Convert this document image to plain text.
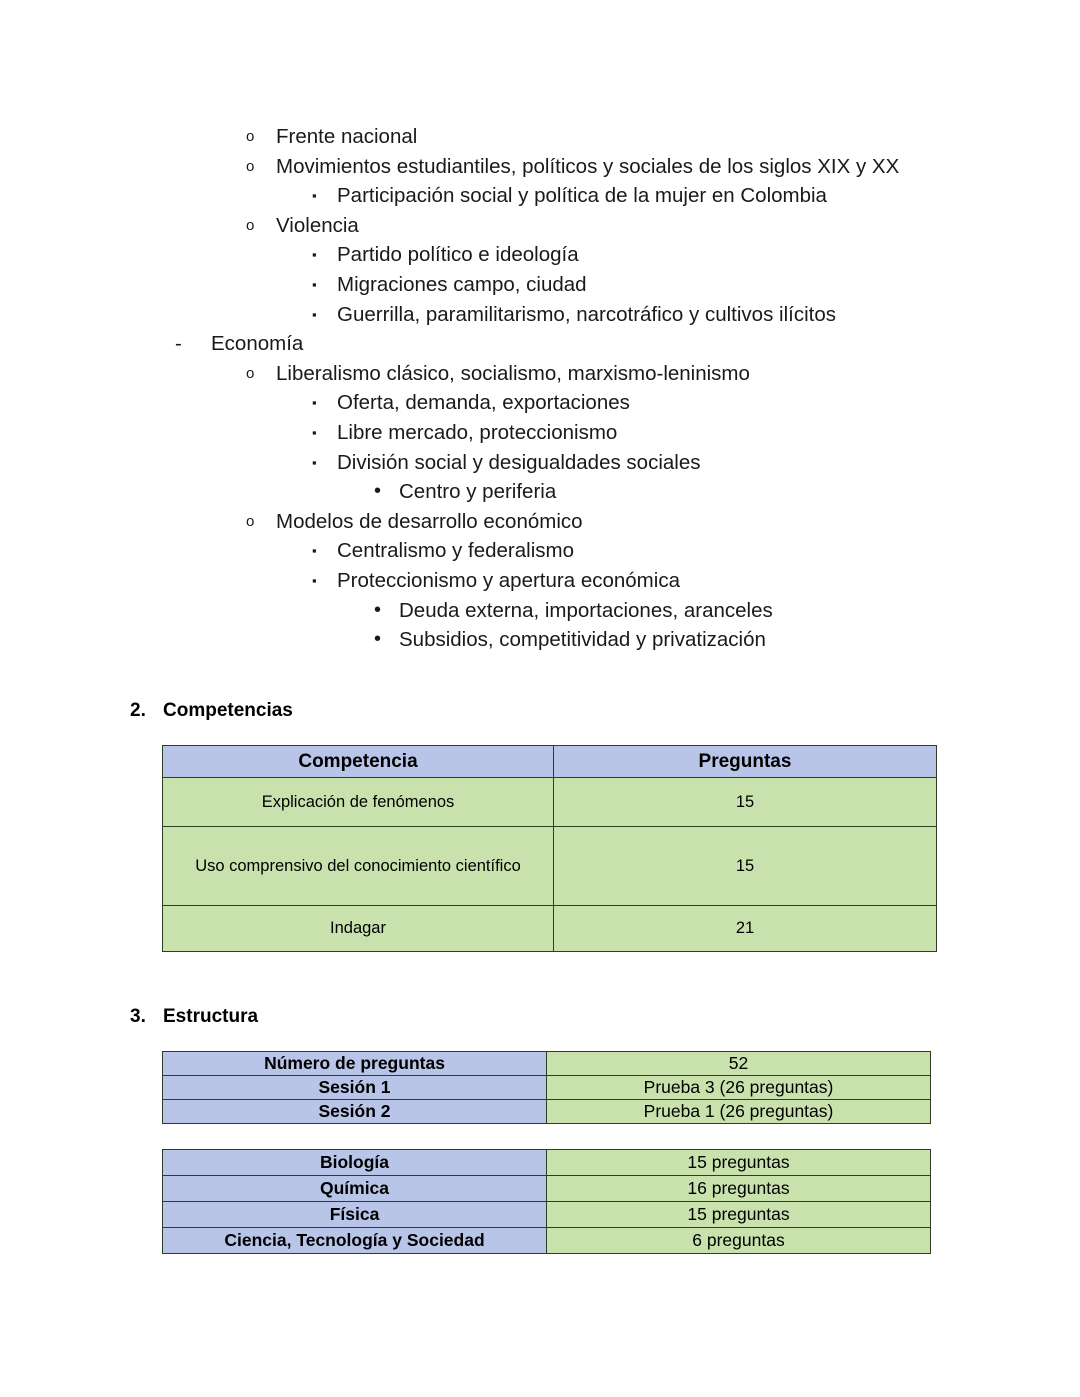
o Frente nacional
o Movimientos estudiantiles, políticos y sociales de los siglos XIX y XX
▪ Participación social y política de la mujer en Colombia
o Violencia
▪ Partido político e ideología
▪ Migraciones campo, ciudad
▪ Guerrilla, paramilitarismo, narcotráfico y cultivos ilícitos
- Economía
o Liberalismo clásico, socialismo, marxismo-leninismo
▪ Oferta, demanda, exportaciones
▪ Libre mercado, proteccionismo
▪ División social y desigualdades sociales
• Centro y periferia
o Modelos de desarrollo económico
▪ Centralismo y federalismo
▪ Proteccionismo y apertura económica
• Deuda externa, importaciones, aranceles
• Subsidios, competitividad y privatización
2. Competencias
Competencia	Preguntas
Explicación de fenómenos	15
Uso comprensivo del conocimiento científico	15
Indagar	21
3. Estructura
Número de preguntas	52
Sesión 1	Prueba 3 (26 preguntas)
Sesión 2	Prueba 1 (26 preguntas)
Biología	15 preguntas
Química	16 preguntas
Física	15 preguntas
Ciencia, Tecnología y Sociedad	6 preguntas
